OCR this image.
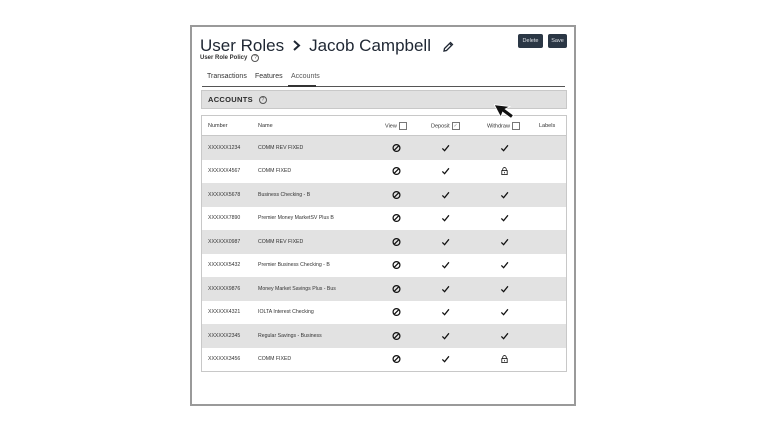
User Roles Jacob Campbell
User Role Policy	?
Delete	Save
Transactions Features Accounts
ACCOUNTS	?
Number	Name	View	Deposit ✓	Withdraw	Labels
XXXXXX1234	COMM REV FIXED
XXXXXX4567	COMM FIXED
XXXXXX5678	Business Checking - B
XXXXXX7890	Premier Money MarketSV Plus B
XXXXXX0987	COMM REV FIXED
XXXXXX5432	Premier Business Checking - B
XXXXXX9876	Money Market Savings Plus - Bus
XXXXXX4321	IOLTA Interest Checking
XXXXXX2345	Regular Savings - Business
XXXXXX3456	COMM FIXED
